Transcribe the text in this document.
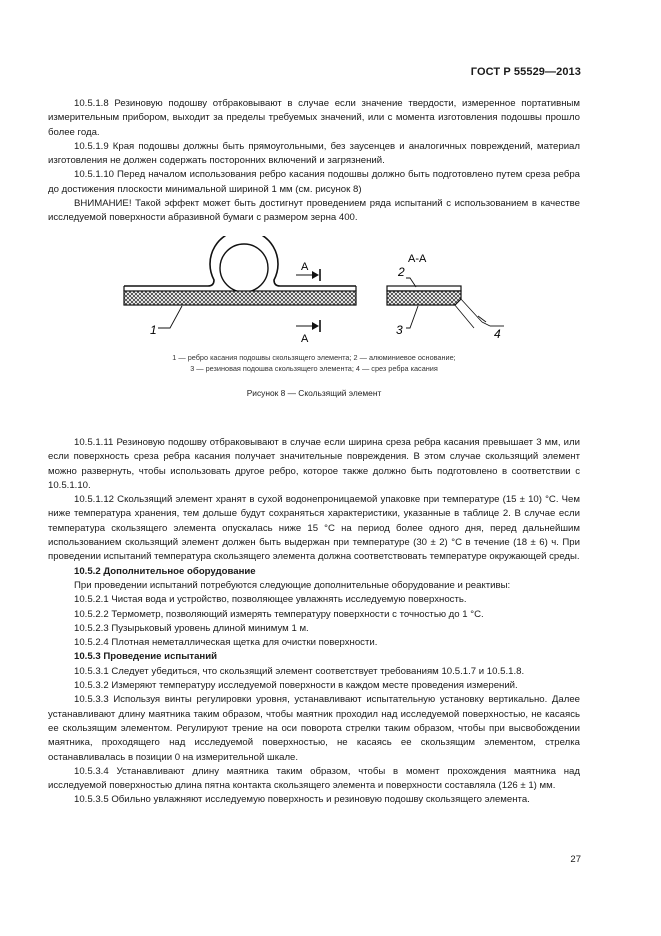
ГОСТ Р 55529—2013

10.5.1.8 Резиновую подошву отбраковывают в случае если значение твердости, измеренное портативным измерительным прибором, выходит за пределы требуемых значений, или с момента изготовления подошвы прошло более года.

10.5.1.9 Края подошвы должны быть прямоугольными, без заусенцев и аналогичных повреждений, материал изготовления не должен содержать посторонних включений и загрязнений.

10.5.1.10 Перед началом использования ребро касания подошвы должно быть подготовлено путем среза ребра до достижения плоскости минимальной шириной 1 мм (см. рисунок 8)

ВНИМАНИЕ! Такой эффект может быть достигнут проведением ряда испытаний с использованием в качестве исследуемой поверхности абразивной бумаги с размером зерна 400.

А
А
1
А-А
2
3	4
1 — ребро касания подошвы скользящего элемента; 2 — алюминиевое основание;
3 — резиновая подошва скользящего элемента; 4 — срез ребра касания
Рисунок 8 — Скользящий элемент

10.5.1.11 Резиновую подошву отбраковывают в случае если ширина среза ребра касания превышает 3 мм, или если поверхность среза ребра касания получает значительные повреждения. В этом случае скользящий элемент можно развернуть, чтобы использовать другое ребро, которое также должно быть подготовлено в соответствии с 10.5.1.10.

10.5.1.12 Скользящий элемент хранят в сухой водонепроницаемой упаковке при температуре (15 ± 10) °С. Чем ниже температура хранения, тем дольше будут сохраняться характеристики, указанные в таблице 2. В случае если температура скользящего элемента опускалась ниже 15 °С на период более одного дня, перед дальнейшим использованием скользящий элемент должен быть выдержан при температуре (30 ± 2) °С в течение (18 ± 6) ч. При проведении испытаний температура скользящего элемента должна соответствовать температуре окружающей среды.

10.5.2 Дополнительное оборудование

При проведении испытаний потребуются следующие дополнительные оборудование и реактивы:

10.5.2.1 Чистая вода и устройство, позволяющее увлажнять исследуемую поверхность.

10.5.2.2 Термометр, позволяющий измерять температуру поверхности с точностью до 1 °С.

10.5.2.3 Пузырьковый уровень длиной минимум 1 м.

10.5.2.4 Плотная неметаллическая щетка для очистки поверхности.

10.5.3 Проведение испытаний

10.5.3.1 Следует убедиться, что скользящий элемент соответствует требованиям 10.5.1.7 и 10.5.1.8.

10.5.3.2 Измеряют температуру исследуемой поверхности в каждом месте проведения измерений.

10.5.3.3 Используя винты регулировки уровня, устанавливают испытательную установку вертикально. Далее устанавливают длину маятника таким образом, чтобы маятник проходил над исследуемой поверхностью, не касаясь ее скользящим элементом. Регулируют трение на оси поворота стрелки таким образом, чтобы при высвобождении маятника, проходящего над исследуемой поверхностью, не касаясь ее скользящим элементом, стрелка останавливалась в позиции 0 на измерительной шкале.

10.5.3.4 Устанавливают длину маятника таким образом, чтобы в момент прохождения маятника над исследуемой поверхностью длина пятна контакта скользящего элемента и поверхности составляла (126 ± 1) мм.

10.5.3.5 Обильно увлажняют исследуемую поверхность и резиновую подошву скользящего элемента.

27
